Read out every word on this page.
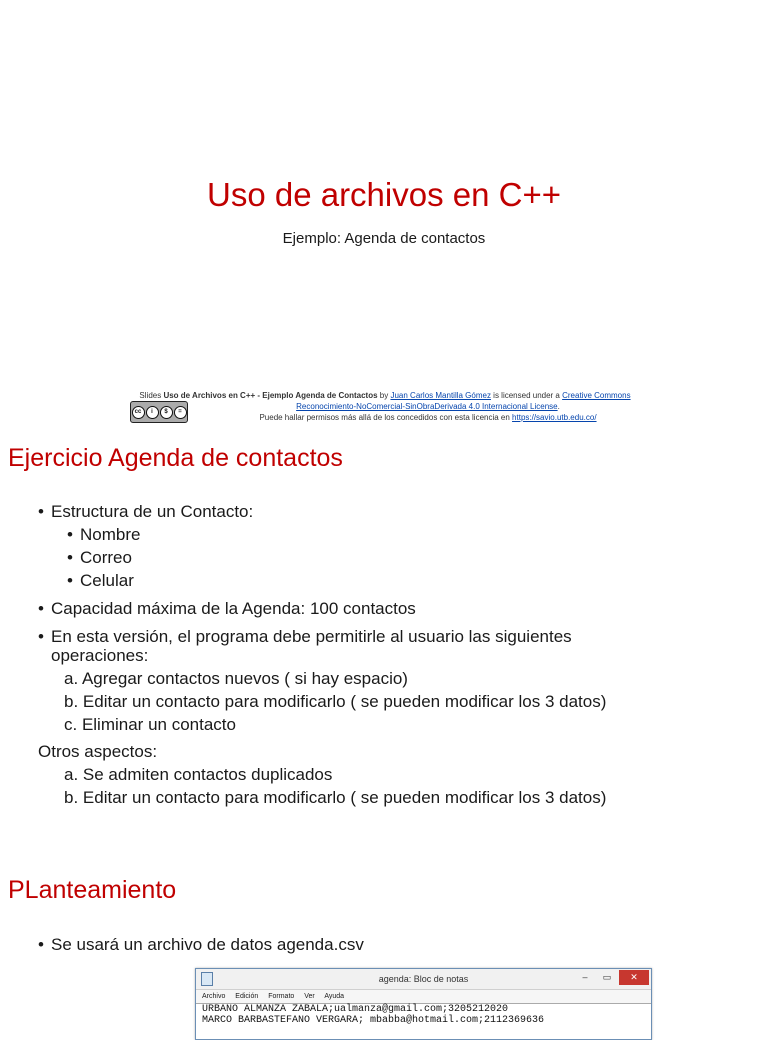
Uso de archivos en C++
Ejemplo: Agenda de contactos
Slides Uso de Archivos en C++ - Ejemplo Agenda de Contactos by Juan Carlos Mantilla Gómez is licensed under a Creative Commons
cc	i	$	=
Reconocimiento-NoComercial-SinObraDerivada 4.0 Internacional License.
Puede hallar permisos más allá de los concedidos con esta licencia en https://savio.utb.edu.co/
Ejercicio Agenda de contactos
• Estructura de un Contacto:
• Nombre
• Correo
• Celular
• Capacidad máxima de la Agenda: 100 contactos
• En esta versión, el programa debe permitirle al usuario las siguientes
operaciones:
a. Agregar contactos nuevos ( si hay espacio)
b. Editar un contacto para modificarlo ( se pueden modificar los 3 datos)
c. Eliminar un contacto
Otros aspectos:
a. Se admiten contactos duplicados
b. Editar un contacto para modificarlo ( se pueden modificar los 3 datos)
PLanteamiento
• Se usará un archivo de datos agenda.csv
agenda: Bloc de notas	–	▭	✕
Archivo Edición Formato Ver Ayuda
URBANO ALMANZA ZABALA;ualmanza@gmail.com;3205212020
MARCO BARBASTEFANO VERGARA; mbabba@hotmail.com;2112369636
